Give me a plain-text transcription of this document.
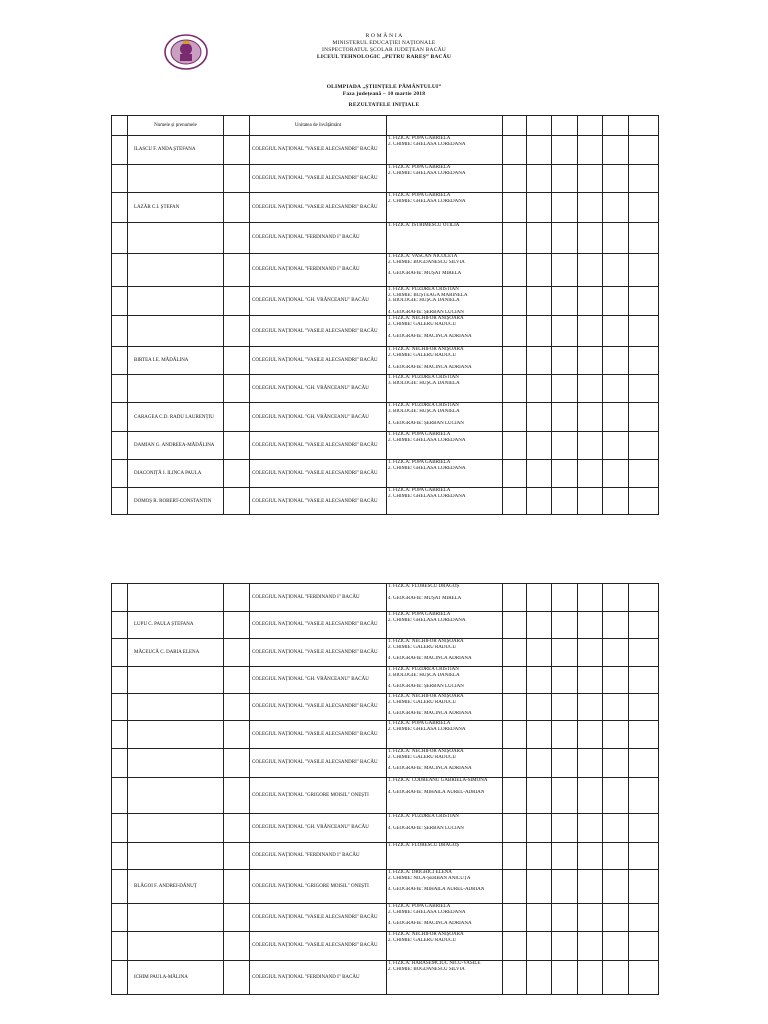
R O M Â N I A
MINISTERUL EDUCAȚIEI NAȚIONALE
INSPECTORATUL ȘCOLAR JUDEȚEAN BACĂU
LICEUL TEHNOLOGIC „PETRU RAREȘ” BACĂU
OLIMPIADA „ȘTIINȚELE PĂMÂNTULUI”
Faza județeană – 10 martie 2018
REZULTATELE INIȚIALE
	Numele și prenumele		Unitatea de învățământ							
	ILASCU F. ANDA ȘTEFANA		COLEGIUL NAȚIONAL "VASILE ALECSANDRI" BACĂU	1. FIZICĂ: POPA GABRIELA
2. CHIMIE: GHELASĂ LOREDANA						

			COLEGIUL NAȚIONAL "VASILE ALECSANDRI" BACĂU	1. FIZICĂ: POPA GABRIELA
2. CHIMIE: GHELASĂ LOREDANA						

	LAZĂR C.I. ȘTEFAN		COLEGIUL NAȚIONAL "VASILE ALECSANDRI" BACĂU	1. FIZICĂ: POPA GABRIELA
2. CHIMIE: GHELASĂ LOREDANA						

			COLEGIUL NAȚIONAL "FERDINAND I" BACĂU	1. FIZICĂ: ISTRIMESCU OTILIA						

			COLEGIUL NAȚIONAL "FERDINAND I" BACĂU	1. FIZICĂ: VASCAN NICOLETA
2. CHIMIE: BOGDĂNESCU SILVIA
4. GEOGRAFIE: MUȘAT MIRELA						

			COLEGIUL NAȚIONAL "GH. VRĂNCEANU" BACĂU	1. FIZICĂ: PUZDREA CRISTIAN
2. CHIMIE: BUȘTEAGA MARINELA
3. BIOLOGIE: HUȘCĂ DANIELA
4. GEOGRAFIE: ȘERBAN LUCIAN						

			COLEGIUL NAȚIONAL "VASILE ALECSANDRI" BACĂU	1. FIZICĂ: NECHIFOR ANIȘOARA
2. CHIMIE: GALERU RĂDUCU
4. GEOGRAFIE: MĂCINCĂ ADRIANA						

	BIRTEA I.E. MĂDĂLINA		COLEGIUL NAȚIONAL "VASILE ALECSANDRI" BACĂU	1. FIZICĂ: NECHIFOR ANIȘOARA
2. CHIMIE: GALERU RĂDUCU
4. GEOGRAFIE: MĂCINCĂ ADRIANA						

			COLEGIUL NAȚIONAL "GH. VRĂNCEANU" BACĂU	1. FIZICĂ: PUZDREA CRISTIAN
3. BIOLOGIE: HUȘCĂ DANIELA						

	CARAGEA C.D. RADU LAURENȚIU		COLEGIUL NAȚIONAL "GH. VRĂNCEANU" BACĂU	1. FIZICĂ: PUZDREA CRISTIAN
3. BIOLOGIE: HUȘCĂ DANIELA
4. GEOGRAFIE: ȘERBAN LUCIAN						

	DAMIAN G. ANDREEA-MĂDĂLINA		COLEGIUL NAȚIONAL "VASILE ALECSANDRI" BACĂU	1. FIZICĂ: POPA GABRIELA
2. CHIMIE: GHELASĂ LOREDANA						

	DIACONIȚĂ I. ILINCA PAULA		COLEGIUL NAȚIONAL "VASILE ALECSANDRI" BACĂU	1. FIZICĂ: POPA GABRIELA
2. CHIMIE: GHELASĂ LOREDANA						

	DOMOȘ R. ROBERT-CONSTANTIN		COLEGIUL NAȚIONAL "VASILE ALECSANDRI" BACĂU	1. FIZICĂ: POPA GABRIELA
2. CHIMIE: GHELASĂ LOREDANA						

			COLEGIUL NAȚIONAL "FERDINAND I" BACĂU	1. FIZICĂ: FLORESCU DRAGOȘ
4. GEOGRAFIE: MUȘAT MIRELA						

	LUPU C. PAULA ȘTEFANA		COLEGIUL NAȚIONAL "VASILE ALECSANDRI" BACĂU	1. FIZICĂ: POPA GABRIELA
2. CHIMIE: GHELASĂ LOREDANA						

	MĂCEUCĂ C. DARIA ELENA		COLEGIUL NAȚIONAL "VASILE ALECSANDRI" BACĂU	1. FIZICĂ: NECHIFOR ANIȘOARA
2. CHIMIE: GALERU RĂDUCU
4. GEOGRAFIE: MĂCINCĂ ADRIANA						

			COLEGIUL NAȚIONAL "GH. VRĂNCEANU" BACĂU	1. FIZICĂ: PUZDREA CRISTIAN
3. BIOLOGIE: HUȘCĂ DANIELA
4. GEOGRAFIE: ȘERBAN LUCIAN						

			COLEGIUL NAȚIONAL "VASILE ALECSANDRI" BACĂU	1. FIZICĂ: NECHIFOR ANIȘOARA
2. CHIMIE: GALERU RĂDUCU
4. GEOGRAFIE: MĂCINCĂ ADRIANA						

			COLEGIUL NAȚIONAL "VASILE ALECSANDRI" BACĂU	1. FIZICĂ: POPA GABRIELA
2. CHIMIE: GHELASĂ LOREDANA						

			COLEGIUL NAȚIONAL "VASILE ALECSANDRI" BACĂU	1. FIZICĂ: NECHIFOR ANIȘOARA
2. CHIMIE: GALERU RĂDUCU
4. GEOGRAFIE: MĂCINCĂ ADRIANA						

			COLEGIUL NAȚIONAL "GRIGORE MOISIL" ONEȘTI	1. FIZICĂ: CODREANU GABRIELA-SIMONA
4. GEOGRAFIE: MIHĂILĂ AUREL-ADRIAN						

			COLEGIUL NAȚIONAL "GH. VRĂNCEANU" BACĂU	1. FIZICĂ: PUZDREA CRISTIAN
4. GEOGRAFIE: ȘERBAN LUCIAN						

			COLEGIUL NAȚIONAL "FERDINAND I" BACĂU	1. FIZICĂ: FLORESCU DRAGOȘ						

	BLĂGOI F. ANDREI-DĂNUȚ		COLEGIUL NAȚIONAL "GRIGORE MOISIL" ONEȘTI	1. FIZICĂ: DRIGHICI ELENA
2. CHIMIE: NICA-ȘERBAN ANICUȚA
4. GEOGRAFIE: MIHĂILĂ AUREL-ADRIAN						

			COLEGIUL NAȚIONAL "VASILE ALECSANDRI" BACĂU	1. FIZICĂ: POPA GABRIELA
2. CHIMIE: GHELASĂ LOREDANA
4. GEOGRAFIE: MĂCINCĂ ADRIANA						

			COLEGIUL NAȚIONAL "VASILE ALECSANDRI" BACĂU	1. FIZICĂ: NECHIFOR ANIȘOARA
2. CHIMIE: GALERU RĂDUCU						

	ICHIM PAULA-MĂLINA		COLEGIUL NAȚIONAL "FERDINAND I" BACĂU	1. FIZICĂ: HARASEMCIUC NICU-VASILE
2. CHIMIE: BOGDĂNESCU SILVIA						
